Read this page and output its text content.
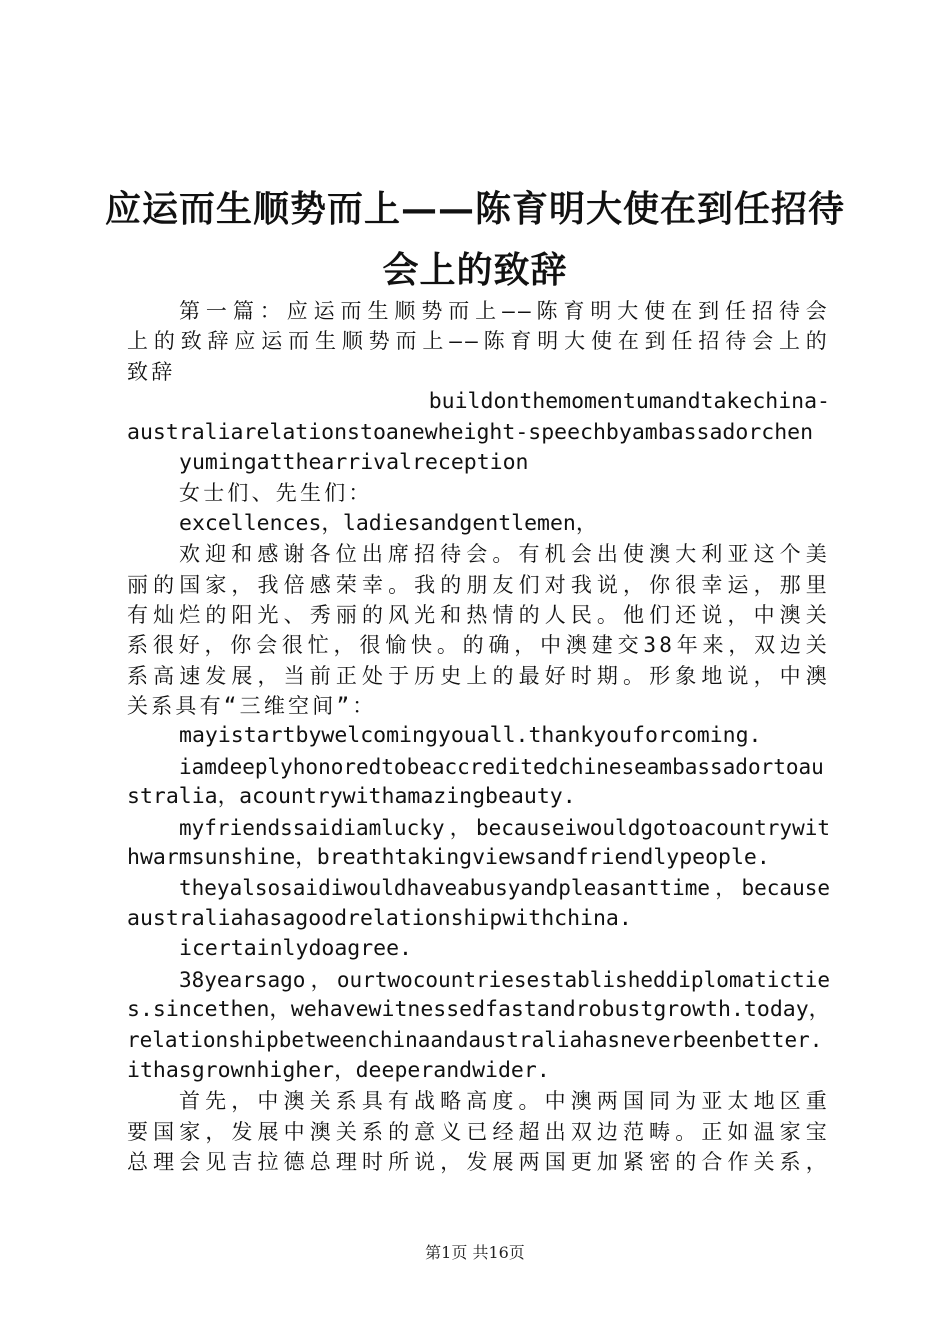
应运而生顺势而上——陈育明大使在到任招待
会上的致辞
第一篇：应运而生顺势而上——陈育明大使在到任招待会
上的致辞应运而生顺势而上——陈育明大使在到任招待会上的
致辞
buildonthemomentumandtakechina-
australiarelationstoanewheight-speechbyambassadorchen
yumingatthearrivalreception
女士们、先生们：
excellences，ladiesandgentlemen，
欢迎和感谢各位出席招待会。有机会出使澳大利亚这个美
丽的国家，我倍感荣幸。我的朋友们对我说，你很幸运，那里
有灿烂的阳光、秀丽的风光和热情的人民。他们还说，中澳关
系很好，你会很忙，很愉快。的确，中澳建交38年来，双边关
系高速发展，当前正处于历史上的最好时期。形象地说，中澳
关系具有“三维空间”：
mayistartbywelcomingyouall.thankyouforcoming.
iamdeeplyhonoredtobeaccreditedchineseambassadortoau
stralia，acountrywithamazingbeauty.
myfriendssaidiamlucky，becauseiwouldgotoacountrywit
hwarmsunshine，breathtakingviewsandfriendlypeople.
theyalsosaidiwouldhaveabusyandpleasanttime，because
australiahasagoodrelationshipwithchina.
icertainlydoagree.
38yearsago，ourtwocountriesestablisheddiplomatictie
s.sincethen，wehavewitnessedfastandrobustgrowth.today，
relationshipbetweenchinaandaustraliahasneverbeenbetter.
ithasgrownhigher，deeperandwider.
首先，中澳关系具有战略高度。中澳两国同为亚太地区重
要国家，发展中澳关系的意义已经超出双边范畴。正如温家宝
总理会见吉拉德总理时所说，发展两国更加紧密的合作关系，
第1页 共16页
